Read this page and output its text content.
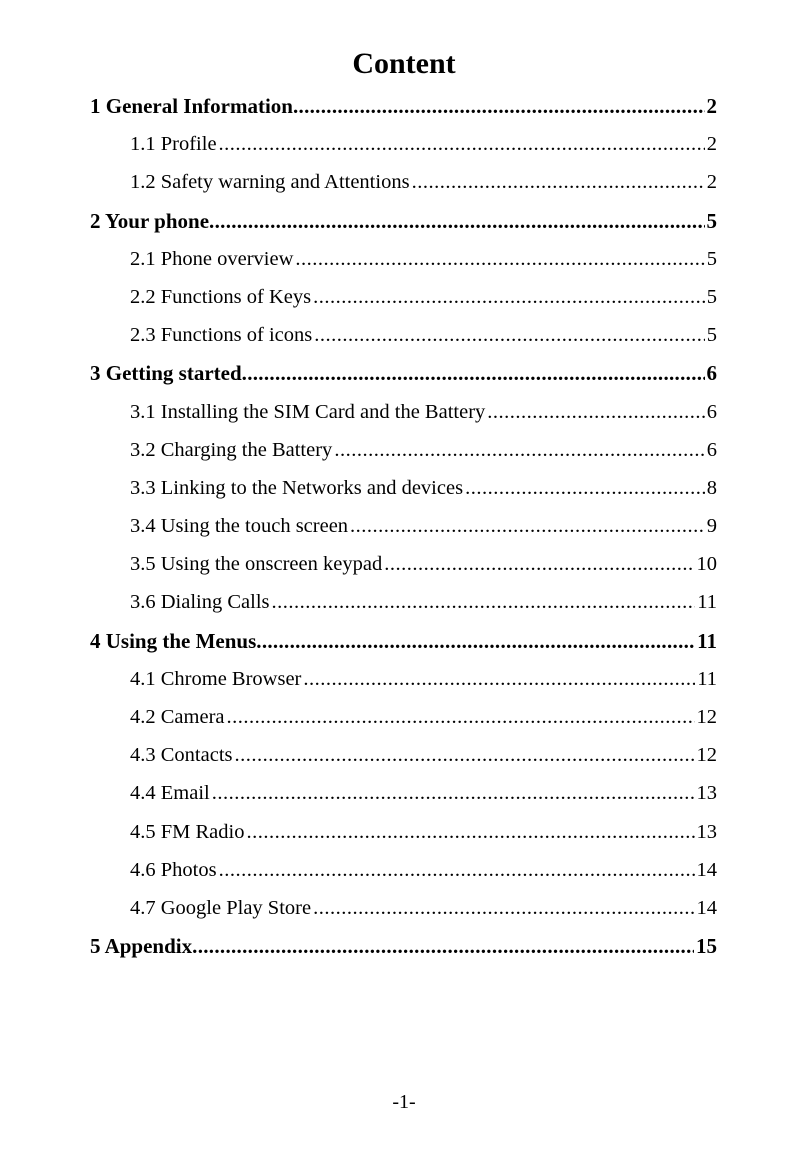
Content
1 General Information .....	2
1.1 Profile .....	2
1.2 Safety warning and Attentions .....	2
2 Your phone .....	5
2.1 Phone overview .....	5
2.2 Functions of Keys .....	5
2.3 Functions of icons .....	5
3 Getting started .....	6
3.1 Installing the SIM Card and the Battery .....	6
3.2 Charging the Battery .....	6
3.3 Linking to the Networks and devices .....	8
3.4 Using the touch screen .....	9
3.5 Using the onscreen keypad .....	10
3.6 Dialing Calls .....	11
4 Using the Menus .....	11
4.1 Chrome Browser .....	11
4.2 Camera .....	12
4.3 Contacts .....	12
4.4 Email .....	13
4.5 FM Radio .....	13
4.6 Photos .....	14
4.7 Google Play Store .....	14
5 Appendix .....	15
-1-
